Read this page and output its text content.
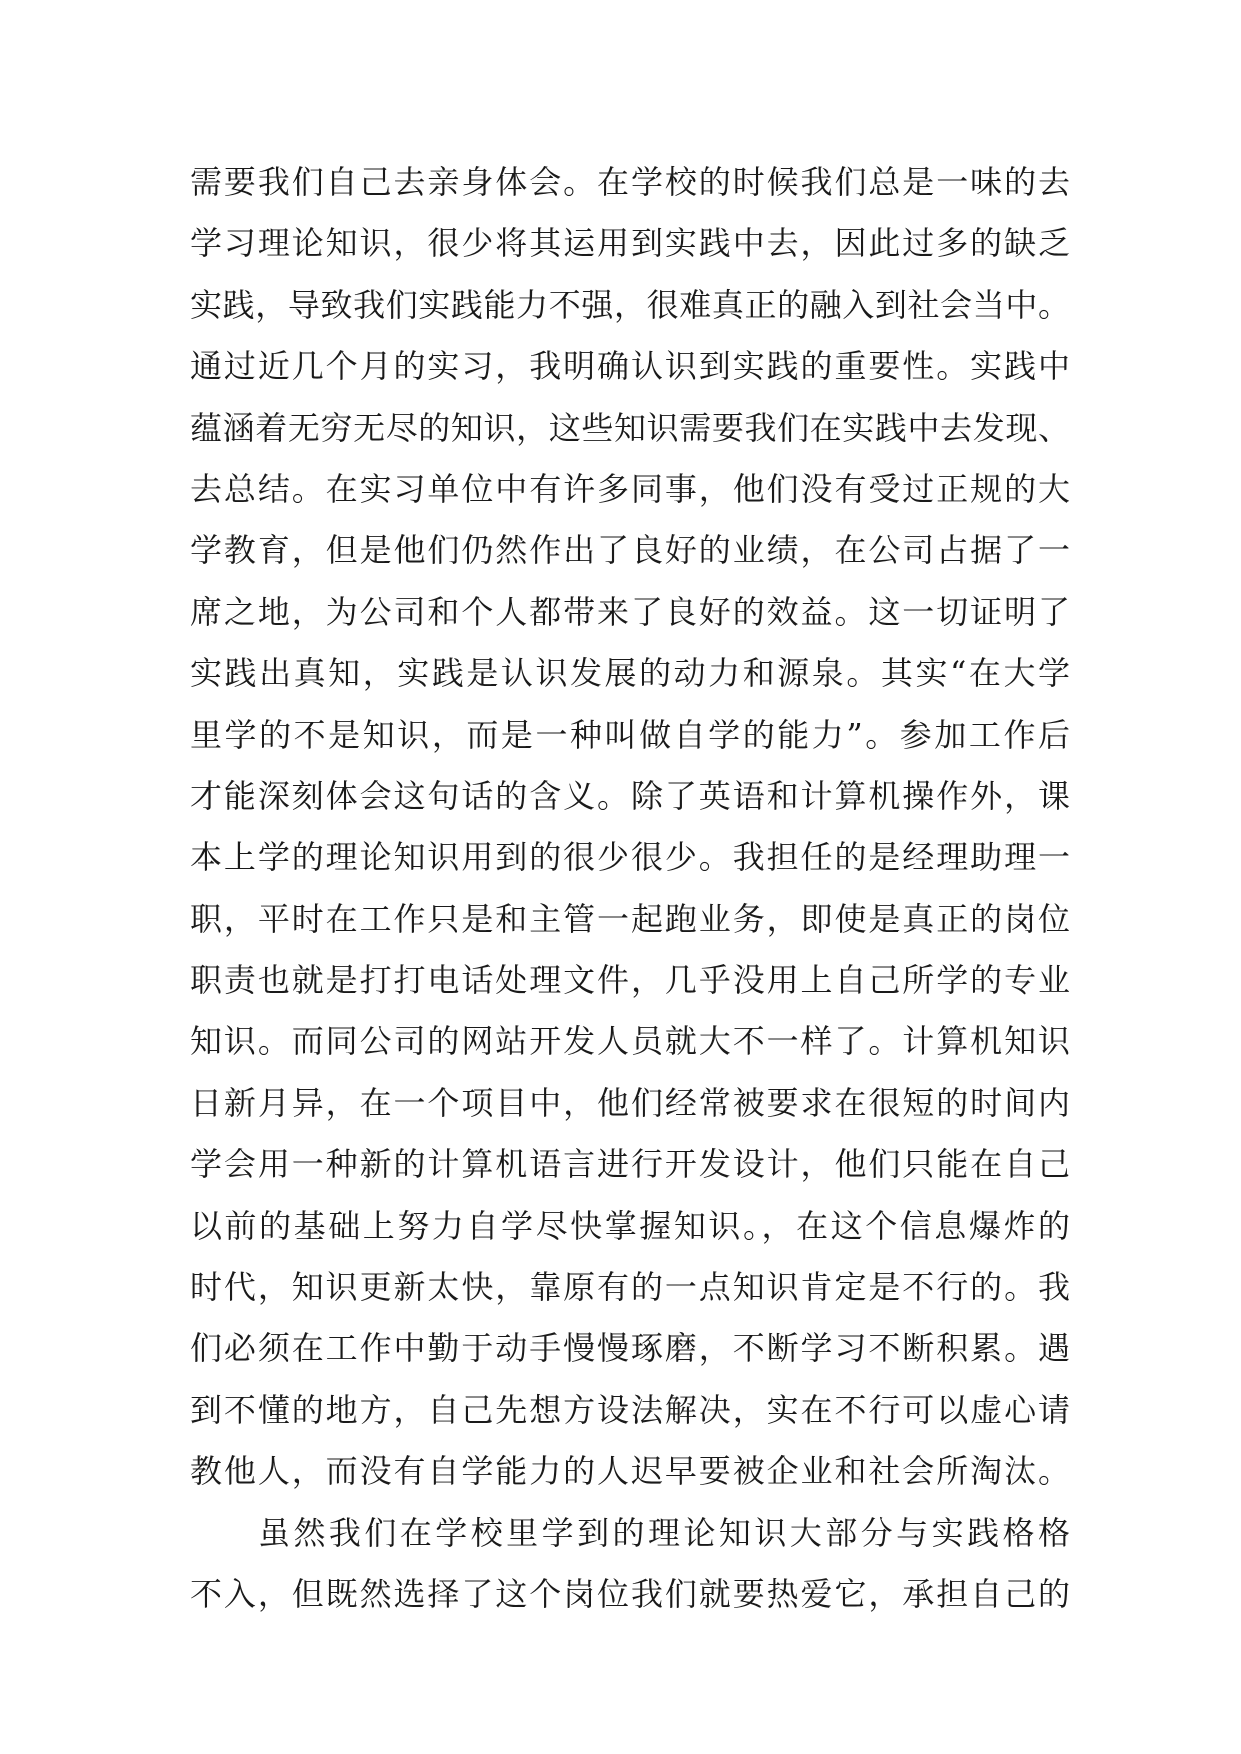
需要我们自己去亲身体会。在学校的时候我们总是一味的去
学习理论知识，很少将其运用到实践中去，因此过多的缺乏
实践，导致我们实践能力不强，很难真正的融入到社会当中。
通过近几个月的实习，我明确认识到实践的重要性。实践中
蕴涵着无穷无尽的知识，这些知识需要我们在实践中去发现、
去总结。在实习单位中有许多同事，他们没有受过正规的大
学教育，但是他们仍然作出了良好的业绩，在公司占据了一
席之地，为公司和个人都带来了良好的效益。这一切证明了
实践出真知，实践是认识发展的动力和源泉。其实“在大学
里学的不是知识，而是一种叫做自学的能力”。参加工作后
才能深刻体会这句话的含义。除了英语和计算机操作外，课
本上学的理论知识用到的很少很少。我担任的是经理助理一
职，平时在工作只是和主管一起跑业务，即使是真正的岗位
职责也就是打打电话处理文件，几乎没用上自己所学的专业
知识。而同公司的网站开发人员就大不一样了。计算机知识
日新月异，在一个项目中，他们经常被要求在很短的时间内
学会用一种新的计算机语言进行开发设计，他们只能在自己
以前的基础上努力自学尽快掌握知识。，在这个信息爆炸的
时代，知识更新太快，靠原有的一点知识肯定是不行的。我
们必须在工作中勤于动手慢慢琢磨，不断学习不断积累。遇
到不懂的地方，自己先想方设法解决，实在不行可以虚心请
教他人，而没有自学能力的人迟早要被企业和社会所淘汰。
虽然我们在学校里学到的理论知识大部分与实践格格
不入，但既然选择了这个岗位我们就要热爱它，承担自己的
